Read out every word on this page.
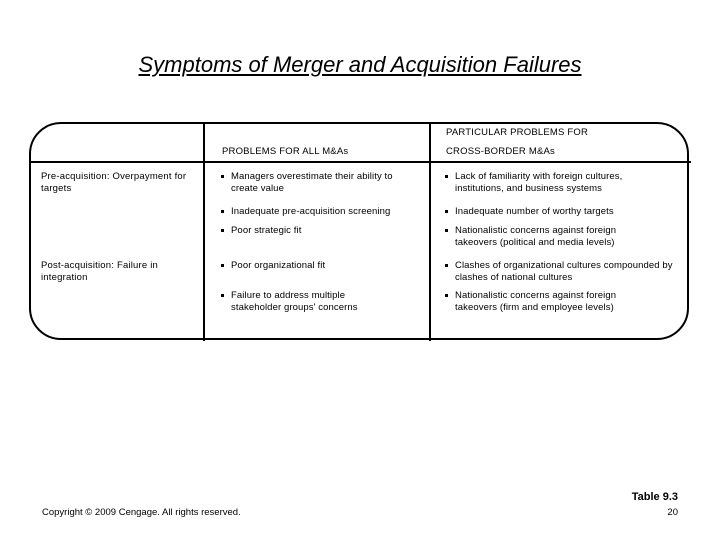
Symptoms of Merger and Acquisition Failures
PROBLEMS FOR ALL M&As
PARTICULAR PROBLEMS FOR
CROSS-BORDER M&As
Pre-acquisition: Overpayment for targets
Post-acquisition: Failure in integration
Managers overestimate their ability to create value
Inadequate pre-acquisition screening
Poor strategic fit
Poor organizational fit
Failure to address multiple stakeholder groups' concerns
Lack of familiarity with foreign cultures, institutions, and business systems
Inadequate number of worthy targets
Nationalistic concerns against foreign takeovers (political and media levels)
Clashes of organizational cultures compounded by clashes of national cultures
Nationalistic concerns against foreign takeovers (firm and employee levels)
Copyright © 2009 Cengage. All rights reserved.
Table 9.3
20
